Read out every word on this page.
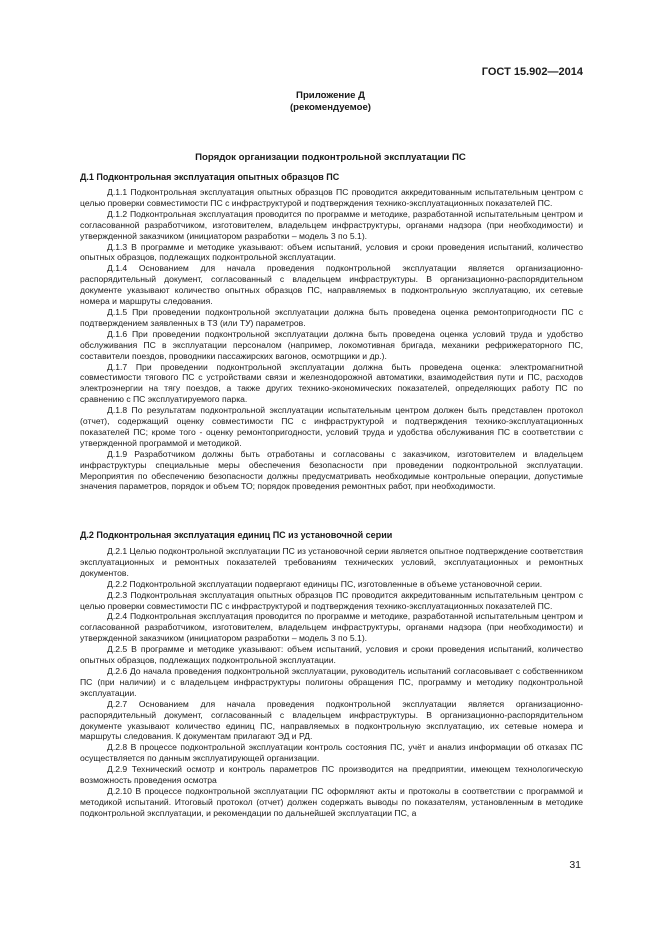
ГОСТ 15.902—2014
Приложение Д
(рекомендуемое)
Порядок организации подконтрольной эксплуатации ПС
Д.1 Подконтрольная эксплуатация опытных образцов ПС

Д.1.1 Подконтрольная эксплуатация опытных образцов ПС проводится аккредитованным испытательным центром с целью проверки совместимости ПС с инфраструктурой и подтверждения технико-эксплуатационных показателей ПС.

Д.1.2 Подконтрольная эксплуатация проводится по программе и методике, разработанной испытательным центром и согласованной разработчиком, изготовителем, владельцем инфраструктуры, органами надзора (при необходимости) и утвержденной заказчиком (инициатором разработки – модель 3 по 5.1).

Д.1.3 В программе и методике указывают: объем испытаний, условия и сроки проведения испытаний, количество опытных образцов, подлежащих подконтрольной эксплуатации.

Д.1.4 Основанием для начала проведения подконтрольной эксплуатации является организационно-распорядительный документ, согласованный с владельцем инфраструктуры. В организационно-распорядительном документе указывают количество опытных образцов ПС, направляемых в подконтрольную эксплуатацию, их сетевые номера и маршруты следования.

Д.1.5 При проведении подконтрольной эксплуатации должна быть проведена оценка ремонтопригодности ПС с подтверждением заявленных в ТЗ (или ТУ) параметров.

Д.1.6 При проведении подконтрольной эксплуатации должна быть проведена оценка условий труда и удобство обслуживания ПС в эксплуатации персоналом (например, локомотивная бригада, механики рефрижераторного ПС, составители поездов, проводники пассажирских вагонов, осмотрщики и др.).

Д.1.7 При проведении подконтрольной эксплуатации должна быть проведена оценка: электромагнитной совместимости тягового ПС с устройствами связи и железнодорожной автоматики, взаимодействия пути и ПС, расходов электроэнергии на тягу поездов, а также других технико-экономических показателей, определяющих работу ПС по сравнению с ПС эксплуатируемого парка.

Д.1.8 По результатам подконтрольной эксплуатации испытательным центром должен быть представлен протокол (отчет), содержащий оценку совместимости ПС с инфраструктурой и подтверждения технико-эксплуатационных показателей ПС; кроме того - оценку ремонтопригодности, условий труда и удобства обслуживания ПС в соответствии с утвержденной программой и методикой.

Д.1.9 Разработчиком должны быть отработаны и согласованы с заказчиком, изготовителем и владельцем инфраструктуры специальные меры обеспечения безопасности при проведении подконтрольной эксплуатации. Мероприятия по обеспечению безопасности должны предусматривать необходимые контрольные операции, допустимые значения параметров, порядок и объем ТО; порядок проведения ремонтных работ, при необходимости.

Д.2 Подконтрольная эксплуатация единиц ПС из установочной серии

Д.2.1 Целью подконтрольной эксплуатации ПС из установочной серии является опытное подтверждение соответствия эксплуатационных и ремонтных показателей требованиям технических условий, эксплуатационных и ремонтных документов.

Д.2.2 Подконтрольной эксплуатации подвергают единицы ПС, изготовленные в объеме установочной серии.

Д.2.3 Подконтрольная эксплуатация опытных образцов ПС проводится аккредитованным испытательным центром с целью проверки совместимости ПС с инфраструктурой и подтверждения технико-эксплуатационных показателей ПС.

Д.2.4 Подконтрольная эксплуатация проводится по программе и методике, разработанной испытательным центром и согласованной разработчиком, изготовителем, владельцем инфраструктуры, органами надзора (при необходимости) и утвержденной заказчиком (инициатором разработки – модель 3 по 5.1).

Д.2.5 В программе и методике указывают: объем испытаний, условия и сроки проведения испытаний, количество опытных образцов, подлежащих подконтрольной эксплуатации.

Д.2.6 До начала проведения подконтрольной эксплуатации, руководитель испытаний согласовывает с собственником ПС (при наличии) и с владельцем инфраструктуры полигоны обращения ПС, программу и методику подконтрольной эксплуатации.

Д.2.7 Основанием для начала проведения подконтрольной эксплуатации является организационно-распорядительный документ, согласованный с владельцем инфраструктуры. В организационно-распорядительном документе указывают количество единиц ПС, направляемых в подконтрольную эксплуатацию, их сетевые номера и маршруты следования. К документам прилагают ЭД и РД.

Д.2.8 В процессе подконтрольной эксплуатации контроль состояния ПС, учёт и анализ информации об отказах ПС осуществляется по данным эксплуатирующей организации.

Д.2.9 Технический осмотр и контроль параметров ПС производится на предприятии, имеющем технологическую возможность проведения осмотра

Д.2.10 В процессе подконтрольной эксплуатации ПС оформляют акты и протоколы в соответствии с программой и методикой испытаний. Итоговый протокол (отчет) должен содержать выводы по показателям, установленным в методике подконтрольной эксплуатации, и рекомендации по дальнейшей эксплуатации ПС, а

31
